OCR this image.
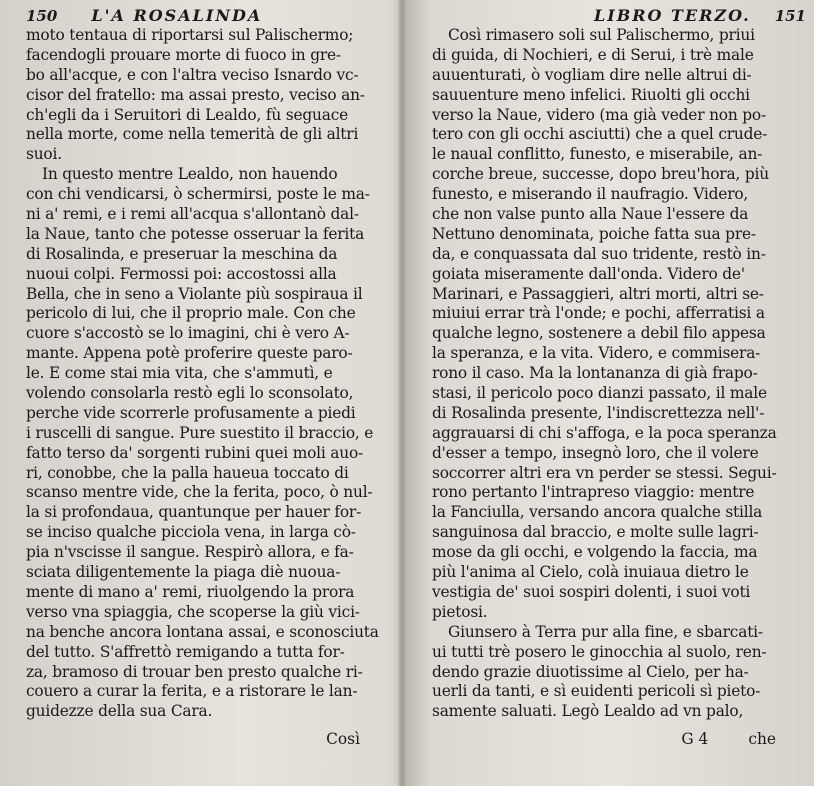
150	L'A ROSALINDA
moto tentaua di riportarsi sul Palischermo;
facendogli prouare morte di fuoco in gre-
bo all'acque, e con l'altra veciso Isnardo vc-
cisor del fratello: ma assai presto, veciso an-
ch'egli da i Seruitori di Lealdo, fù seguace
nella morte, come nella temerità de gli altri
suoi.
In questo mentre Lealdo, non hauendo
con chi vendicarsi, ò schermirsi, poste le ma-
ni a' remi, e i remi all'acqua s'allontanò dal-
la Naue, tanto che potesse osseruar la ferita
di Rosalinda, e preseruar la meschina da
nuoui colpi. Fermossi poi: accostossi alla
Bella, che in seno a Violante più sospiraua il
pericolo di lui, che il proprio male. Con che
cuore s'accostò se lo imagini, chi è vero A-
mante. Appena potè proferire queste paro-
le. E come stai mia vita, che s'ammutì, e
volendo consolarla restò egli lo sconsolato,
perche vide scorrerle profusamente a piedi
i ruscelli di sangue. Pure suestito il braccio, e
fatto terso da' sorgenti rubini quei moli auo-
ri, conobbe, che la palla haueua toccato di
scanso mentre vide, che la ferita, poco, ò nul-
la si profondaua, quantunque per hauer for-
se inciso qualche picciola vena, in larga cò-
pia n'vscisse il sangue. Respirò allora, e fa-
sciata diligentemente la piaga diè nuoua-
mente di mano a' remi, riuolgendo la prora
verso vna spiaggia, che scoperse la giù vici-
na benche ancora lontana assai, e sconosciuta
del tutto. S'affrettò remigando a tutta for-
za, bramoso di trouar ben presto qualche ri-
couero a curar la ferita, e a ristorare le lan-
guidezze della sua Cara.
Così
LIBRO TERZO.	151
Così rimasero soli sul Palischermo, priui
di guida, di Nochieri, e di Serui, i trè male
auuenturati, ò vogliam dire nelle altrui di-
sauuenture meno infelici. Riuolti gli occhi
verso la Naue, videro (ma già veder non po-
tero con gli occhi asciutti) che a quel crude-
le naual conflitto, funesto, e miserabile, an-
corche breue, successe, dopo breu'hora, più
funesto, e miserando il naufragio. Videro,
che non valse punto alla Naue l'essere da
Nettuno denominata, poiche fatta sua pre-
da, e conquassata dal suo tridente, restò in-
goiata miseramente dall'onda. Videro de'
Marinari, e Passaggieri, altri morti, altri se-
miuiui errar trà l'onde; e pochi, afferratisi a
qualche legno, sostenere a debil filo appesa
la speranza, e la vita. Videro, e commisera-
rono il caso. Ma la lontananza di già frapo-
stasi, il pericolo poco dianzi passato, il male
di Rosalinda presente, l'indiscrettezza nell'-
aggrauarsi di chi s'affoga, e la poca speranza
d'esser a tempo, insegnò loro, che il volere
soccorrer altri era vn perder se stessi. Segui-
rono pertanto l'intrapreso viaggio: mentre
la Fanciulla, versando ancora qualche stilla
sanguinosa dal braccio, e molte sulle lagri-
mose da gli occhi, e volgendo la faccia, ma
più l'anima al Cielo, colà inuiaua dietro le
vestigia de' suoi sospiri dolenti, i suoi voti
pietosi.
Giunsero à Terra pur alla fine, e sbarcati-
ui tutti trè posero le ginocchia al suolo, ren-
dendo grazie diuotissime al Cielo, per ha-
uerli da tanti, e sì euidenti pericoli sì pieto-
samente saluati. Legò Lealdo ad vn palo,
G 4	che
